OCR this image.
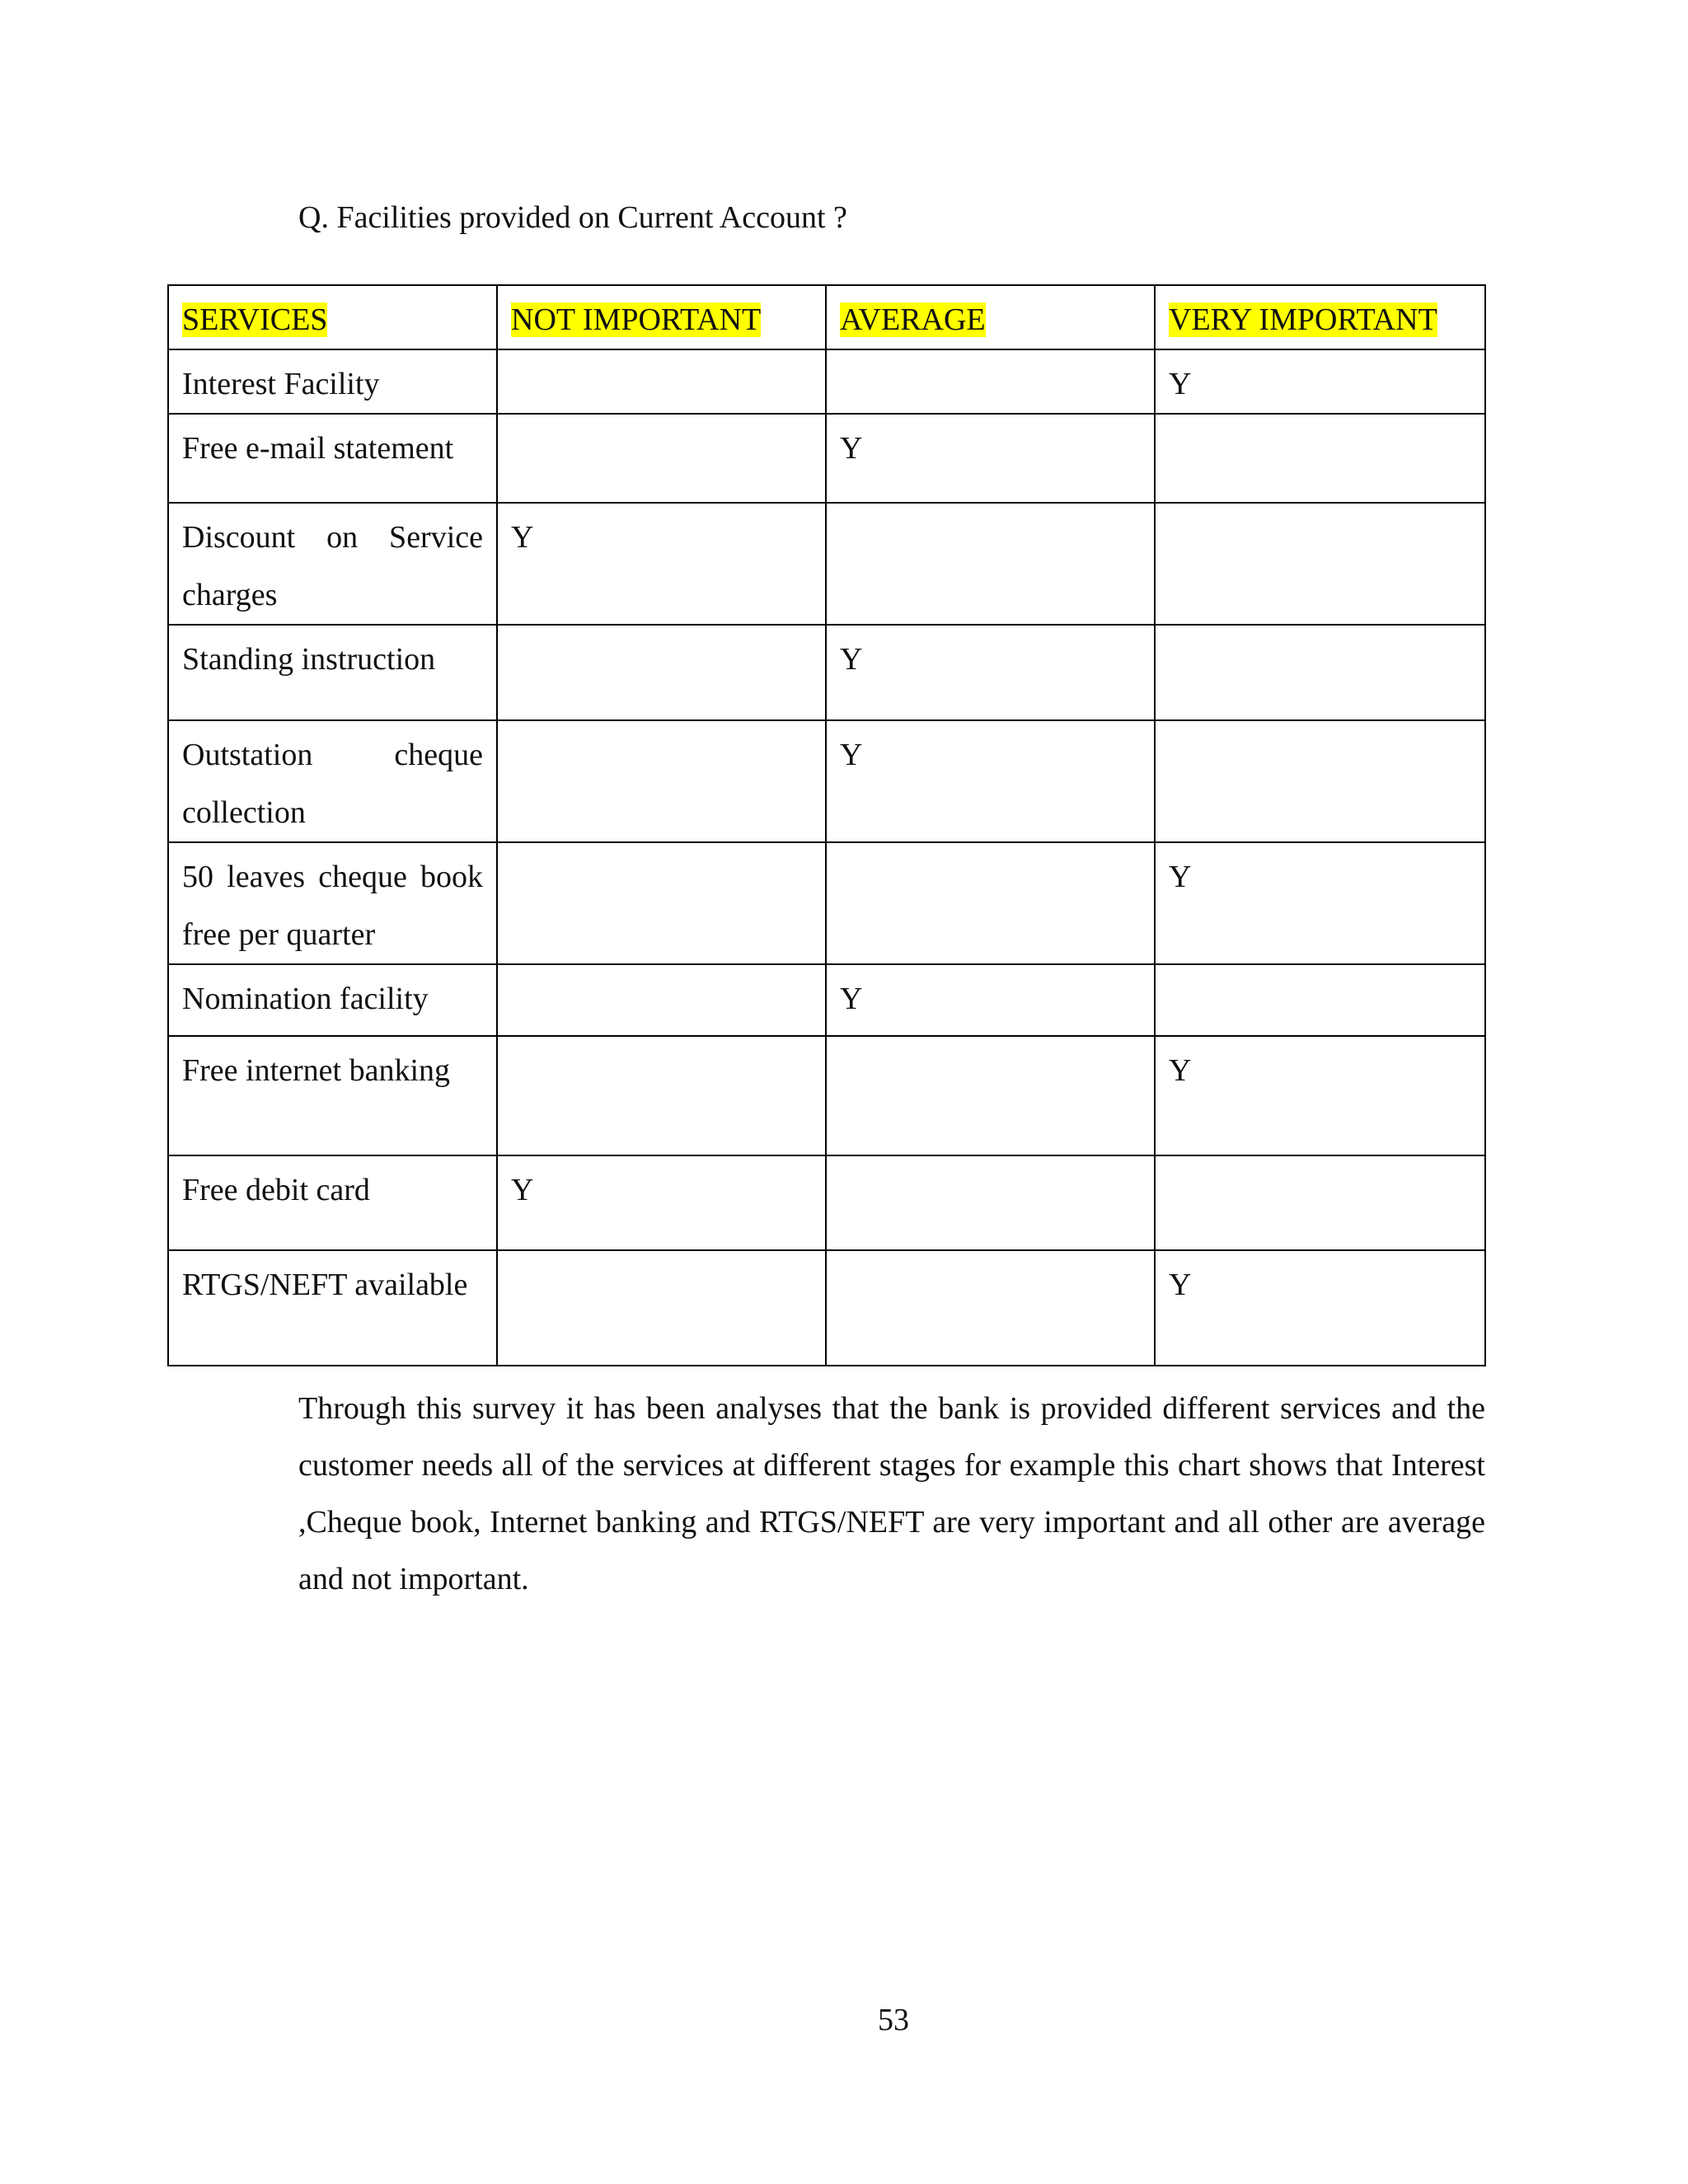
Q. Facilities provided on Current Account ?

SERVICES	NOT IMPORTANT	AVERAGE	VERY IMPORTANT
Interest Facility			Y
Free e-mail statement		Y	
Discount on Service charges	Y		
Standing instruction		Y	
Outstation cheque collection		Y	
50 leaves cheque book free per quarter			Y
Nomination facility		Y	
Free internet banking			Y
Free debit card	Y		
RTGS/NEFT available			Y

Through this survey it has been analyses that the bank is provided different services and the customer needs all of the services at different stages for example this chart shows that Interest ,Cheque book, Internet banking and RTGS/NEFT are very important and all other are average and not important.

53
